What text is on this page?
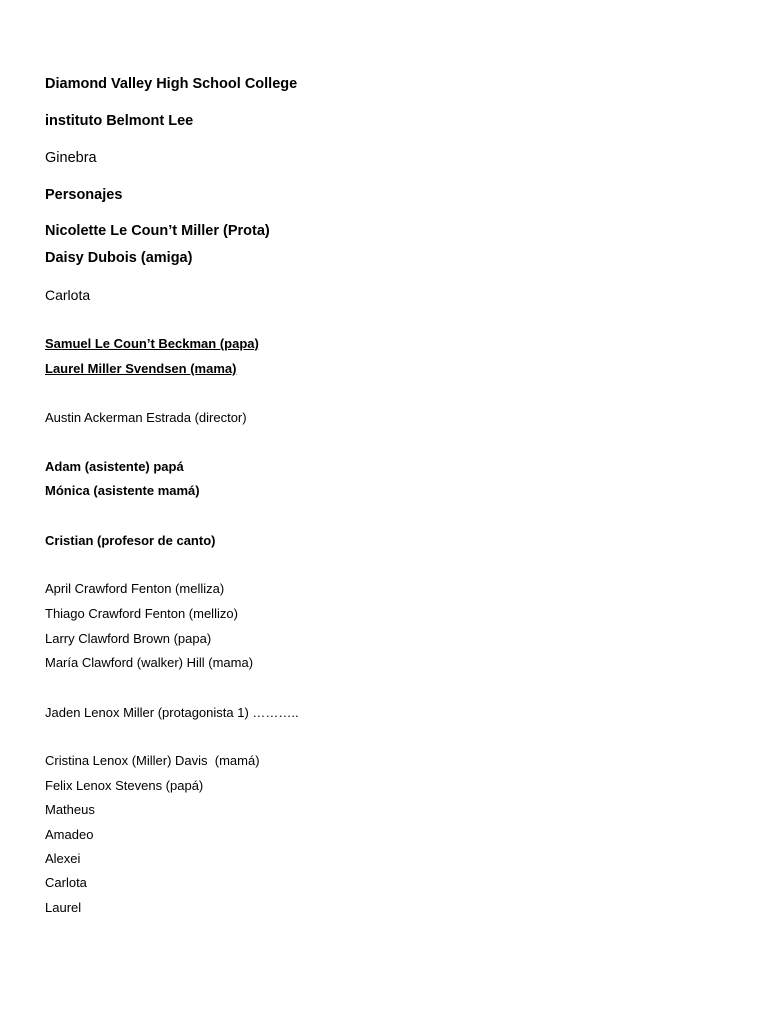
Diamond Valley High School College
instituto Belmont Lee
Ginebra
Personajes
Nicolette Le Coun’t Miller (Prota)
Daisy Dubois (amiga)
Carlota
Samuel Le Coun’t Beckman (papa)
Laurel Miller Svendsen (mama)
Austin Ackerman Estrada (director)
Adam (asistente) papá
Mónica (asistente mamá)
Cristian (profesor de canto)
April Crawford Fenton (melliza)
Thiago Crawford Fenton (mellizo)
Larry Clawford Brown (papa)
María Clawford (walker) Hill (mama)
Jaden Lenox Miller (protagonista 1) ………..
Cristina Lenox (Miller) Davis  (mamá)
Felix Lenox Stevens (papá)
Matheus
Amadeo
Alexei
Carlota
Laurel
